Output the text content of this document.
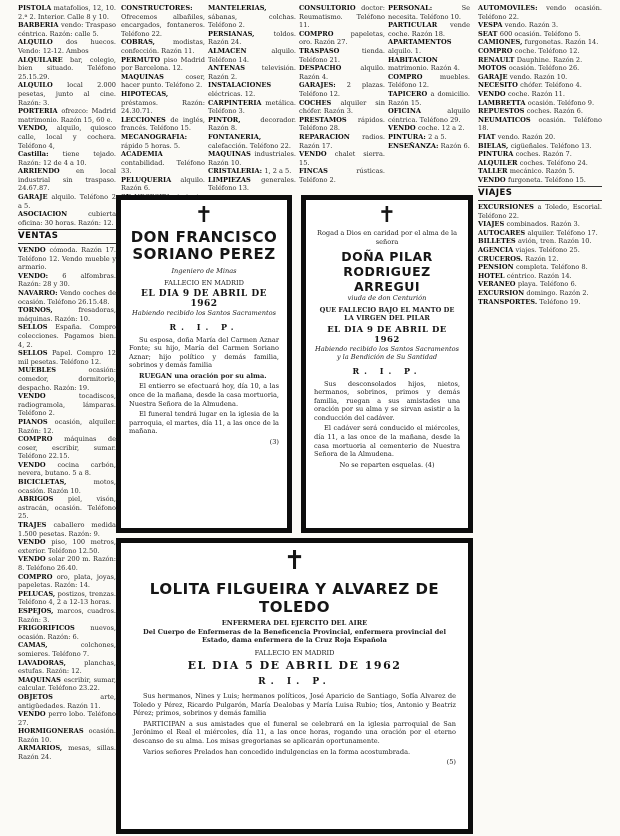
PISTOLA matafolios, 12, 10. 2.ª 2. Interior. Calle 8 y 10.

BARBERIA vendo: Traspaso céntrica. Razón: calle 5.

ALQUILO dos huecos. Vendo: 12-12. Ambos

ALQUILARE bar, colegio, bien situado. Teléfono 25.15.29.

ALQUILO local 2.000 pesetas, junto al cine. Razón: 3.

PORTERIA ofrezco: Madrid matrimonio. Razón 15, 60 e.

VENDO, alquilo, quiosco calle, local y cochera. Teléfono 4,

Castilla: tiene tejado. Razón: 12 de 4 a 10.

ARRIENDO en local industrial sin traspaso. 24.67.87.

GARAJE alquilo. Teléfono 2 a 5.

ASOCIACION cubierta oficina: 30 horas. Razón: 12.

VENTAS

VENDO cómoda. Razón 17. Teléfono 12. Vendo mueble y armario.

VENDO: 6 alfombras. Razón: 28 y 30.

NAVARRO: Vendo coches de ocasión. Teléfono 26.15.48.

TORNOS, fresadoras, máquinas. Razón: 10.

SELLOS España. Compro colecciones. Pagamos bien. 4, 2.

SELLOS Papel. Compro 12 mil pesetas. Teléfono 12.

MUEBLES ocasión: comedor, dormitorio, despacho. Razón: 19.

VENDO tocadiscos, radiogramola, lámparas. Teléfono 2.

PIANOS ocasión, alquiler. Razón: 12.

COMPRO máquinas de coser, escribir, sumar. Teléfono 22.15.

VENDO cocina carbón, nevera, butano. 5 a 8.

BICICLETAS, motos, ocasión. Razón 10.

ABRIGOS piel, visón, astracán, ocasión. Teléfono 25.

TRAJES caballero medida 1.500 pesetas. Razón: 9.

VENDO piso, 100 metros, exterior. Teléfono 12.50.

VENDO solar 200 m. Razón: 8. Teléfono 26.40.

COMPRO oro, plata, joyas, papeletas. Razón: 14.

PELUCAS, postizos, trenzas. Teléfono 4, 2 a 12-13 horas.

ESPEJOS, marcos, cuadros. Razón: 3.

FRIGORIFICOS nuevos, ocasión. Razón: 6.

CAMAS, colchones, somieres. Teléfono 7.

LAVADORAS, planchas, estufas. Razón: 12.

MAQUINAS escribir, sumar, calcular. Teléfono 23.22.

OBJETOS arte, antigüedades. Razón 11.

VENDO perro lobo. Teléfono 27.

HORMIGONERAS ocasión. Razón 10.

ARMARIOS, mesas, sillas. Razón 24.

CONSTRUCTORES: Ofrecemos albañiles, encargados, fontaneros. Teléfono 22.

COBRAS, modistas, confección. Razón 11.

PERMUTO piso Madrid por Barcelona. 12.

MAQUINAS coser, hacer punto. Teléfono 2.

HIPOTECAS, préstamos. Razón: 24.30.71.

LECCIONES de inglés, francés. Teléfono 15.

MECANOGRAFIA: rápido 5 horas. 5.

ACADEMIA contabilidad. Teléfono 33.

PELUQUERIA alquilo. Razón 6.

MANTELERIAS, sábanas, colchas. Teléfono 2.

PERSIANAS, toldos. Razón 24.

ALMACEN alquilo. Teléfono 14.

ANTENAS televisión. Razón 2.

INSTALACIONES eléctricas. 12.

CARPINTERIA metálica. Teléfono 3.

PINTOR, decorador. Razón 8.

FONTANERIA, calefacción. Teléfono 22.

MAQUINAS industriales. Razón 10.

CRISTALERIA: 1, 2 a 5.

LIMPIEZAS generales. Teléfono 13.

CONSULTORIO doctor: Reumatismo. Teléfono 11.

COMPRO papeletas, oro. Razón 27.

TRASPASO tienda. Teléfono 21.

DESPACHO alquilo. Razón 4.

GARAJES: 2 plazas. Teléfono 12.

COCHES alquiler sin chófer. Razón 3.

PRESTAMOS rápidos. Teléfono 28.

REPARACION radios. Razón 17.

VENDO chalet sierra. 15.

FINCAS rústicas. Teléfono 2.

PERSONAL: Se necesita. Teléfono 10.

PARTICULAR vende coche. Razón 18.

APARTAMENTOS alquilo. 1.

HABITACION matrimonio. Razón 4.

COMPRO muebles. Teléfono 12.

TAPICERO a domicilio. Razón 15.

OFICINA alquilo céntrica. Teléfono 29.

VENDO coche. 12 a 2.

PINTURA: 2 a 5.

ENSEÑANZA: Razón 6.

AUTOMOVILES: vendo ocasión. Teléfono 22.

VESPA vendo. Razón 3.

SEAT 600 ocasión. Teléfono 5.

CAMIONES, furgonetas. Razón 14.

COMPRO coche. Teléfono 12.

RENAULT Dauphine. Razón 2.

MOTOS ocasión. Teléfono 26.

GARAJE vendo. Razón 10.

NECESITO chófer. Teléfono 4.

VENDO coche. Razón 11.

LAMBRETTA ocasión. Teléfono 9.

REPUESTOS coches. Razón 6.

NEUMATICOS ocasión. Teléfono 18.

FIAT vendo. Razón 20.

BIELAS, cigüeñales. Teléfono 13.

PINTURA coches. Razón 7.

ALQUILER coches. Teléfono 24.

TALLER mecánico. Razón 5.

VENDO furgoneta. Teléfono 15.

VIAJES

EXCURSIONES a Toledo, Escorial. Teléfono 22.

VIAJES combinados. Razón 3.

AUTOCARES alquiler. Teléfono 17.

BILLETES avión, tren. Razón 10.

AGENCIA viajes. Teléfono 25.

CRUCEROS. Razón 12.

PENSION completa. Teléfono 8.

HOTEL céntrico. Razón 14.

VERANEO playa. Teléfono 6.

EXCURSION domingo. Razón 2.

TRANSPORTES. Teléfono 19.

✝
DON FRANCISCO SORIANO PEREZ
Ingeniero de Minas
FALLECIO EN MADRID
EL DIA 9 DE ABRIL DE 1962
Habiendo recibido los Santos Sacramentos
R. I. P.

Su esposa, doña María del Carmen Aznar Fonte; su hijo, María del Carmen Soriano Aznar; hijo político y demás familia, sobrinos y demás familia

RUEGAN una oración por su alma.

El entierro se efectuará hoy, día 10, a las once de la mañana, desde la casa mortuoria, Nuestra Señora de la Almudena.

El funeral tendrá lugar en la iglesia de la parroquia, el martes, día 11, a las once de la mañana.

(3)
✝
Rogad a Dios en caridad por el alma de la señora
DOÑA PILAR RODRIGUEZ ARREGUI
viuda de don Centurión
QUE FALLECIO BAJO EL MANTO DE LA VIRGEN DEL PILAR
EL DIA 9 DE ABRIL DE 1962
Habiendo recibido los Santos Sacramentos y la Bendición de Su Santidad
R. I. P.

Sus desconsolados hijos, nietos, hermanos, sobrinos, primos y demás familia, ruegan a sus amistades una oración por su alma y se sirvan asistir a la conducción del cadáver.

El cadáver será conducido el miércoles, día 11, a las once de la mañana, desde la casa mortuoria al cementerio de Nuestra Señora de la Almudena.

No se reparten esquelas. (4)
✝
LOLITA FILGUEIRA Y ALVAREZ DE TOLEDO
ENFERMERA DEL EJERCITO DEL AIRE
Del Cuerpo de Enfermeras de la Beneficencia Provincial, enfermera provincial del Estado, dama enfermera de la Cruz Roja Española
FALLECIO EN MADRID
EL DIA 5 DE ABRIL DE 1962
R. I. P.

Sus hermanos, Nines y Luis; hermanos políticos, José Aparicio de Santiago, Sofía Alvarez de Toledo y Pérez, Ricardo Pulgarón, María Dealobas y María Luisa Rubio; tíos, Antonio y Beatriz Pérez; primos, sobrinos y demás familia

PARTICIPAN a sus amistades que el funeral se celebrará en la iglesia parroquial de San Jerónimo el Real el miércoles, día 11, a las once horas, rogando una oración por el eterno descanso de su alma. Los misas gregorianas se aplicarán oportunamente.

Varios señores Prelados han concedido indulgencias en la forma acostumbrada.

(5)
